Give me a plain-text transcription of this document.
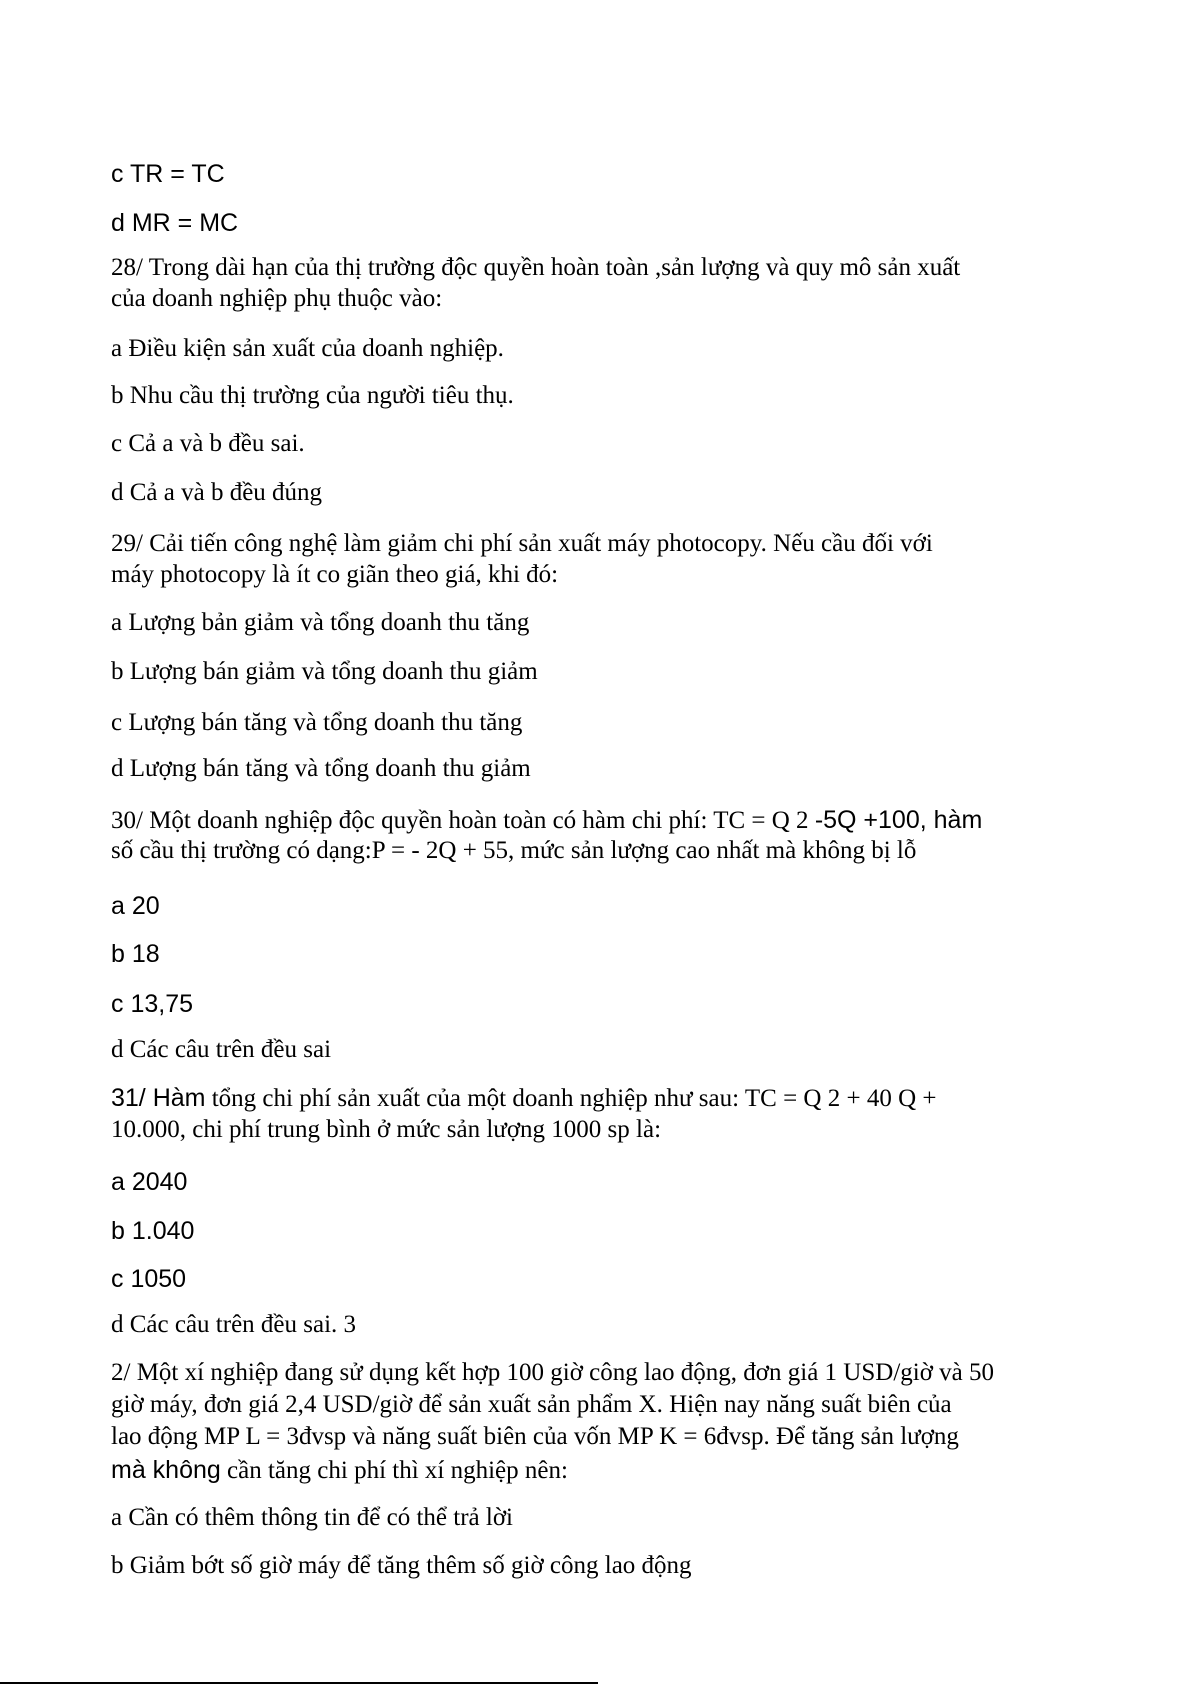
c TR = TC
d MR = MC
28/ Trong dài hạn của thị trường độc quyền hoàn toàn ,sản lượng và quy mô sản xuất
của doanh nghiệp phụ thuộc vào:
a Điều kiện sản xuất của doanh nghiệp.
b Nhu cầu thị trường của người tiêu thụ.
c Cả a và b đều sai.
d Cả a và b đều đúng
29/ Cải tiến công nghệ làm giảm chi phí sản xuất máy photocopy. Nếu cầu đối với
máy photocopy là ít co giãn theo giá, khi đó:
a Lượng bản giảm và tổng doanh thu tăng
b Lượng bán giảm và tổng doanh thu giảm
c Lượng bán tăng và tổng doanh thu tăng
d Lượng bán tăng và tổng doanh thu giảm
30/ Một doanh nghiệp độc quyền hoàn toàn có hàm chi phí: TC = Q 2 -5Q +100, hàm
số cầu thị trường có dạng:P = - 2Q + 55, mức sản lượng cao nhất mà không bị lỗ
a 20
b 18
c 13,75
d Các câu trên đều sai
31/ Hàm tổng chi phí sản xuất của một doanh nghiệp như sau: TC = Q 2 + 40 Q +
10.000, chi phí trung bình ở mức sản lượng 1000 sp là:
a 2040
b 1.040
c 1050
d Các câu trên đều sai. 3
2/ Một xí nghiệp đang sử dụng kết hợp 100 giờ công lao động, đơn giá 1 USD/giờ và 50
giờ máy, đơn giá 2,4 USD/giờ để sản xuất sản phẩm X. Hiện nay năng suất biên của
lao động MP L = 3đvsp và năng suất biên của vốn MP K = 6đvsp. Để tăng sản lượng
mà không cần tăng chi phí thì xí nghiệp nên:
a Cần có thêm thông tin để có thể trả lời
b Giảm bớt số giờ máy để tăng thêm số giờ công lao động
